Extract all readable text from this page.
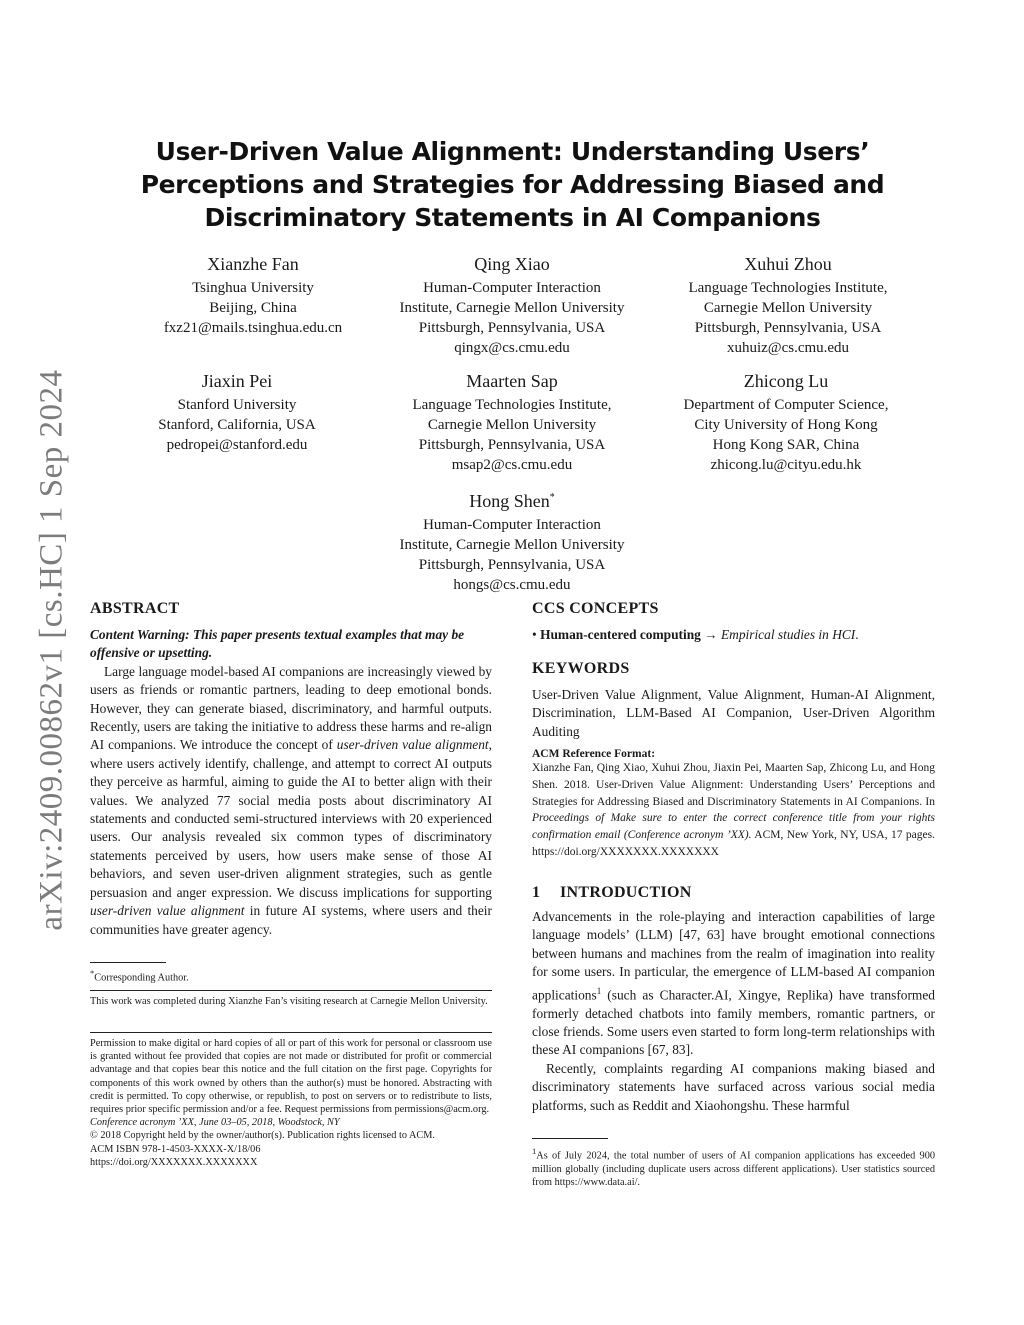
arXiv:2409.00862v1 [cs.HC] 1 Sep 2024
User-Driven Value Alignment: Understanding Users’ Perceptions and Strategies for Addressing Biased and Discriminatory Statements in AI Companions
Xianzhe Fan
Tsinghua University
Beijing, China
fxz21@mails.tsinghua.edu.cn
Qing Xiao
Human-Computer Interaction
Institute, Carnegie Mellon University
Pittsburgh, Pennsylvania, USA
qingx@cs.cmu.edu
Xuhui Zhou
Language Technologies Institute,
Carnegie Mellon University
Pittsburgh, Pennsylvania, USA
xuhuiz@cs.cmu.edu
Jiaxin Pei
Stanford University
Stanford, California, USA
pedropei@stanford.edu
Maarten Sap
Language Technologies Institute,
Carnegie Mellon University
Pittsburgh, Pennsylvania, USA
msap2@cs.cmu.edu
Zhicong Lu
Department of Computer Science,
City University of Hong Kong
Hong Kong SAR, China
zhicong.lu@cityu.edu.hk
Hong Shen*
Human-Computer Interaction
Institute, Carnegie Mellon University
Pittsburgh, Pennsylvania, USA
hongs@cs.cmu.edu
ABSTRACT
Content Warning: This paper presents textual examples that may be offensive or upsetting.

Large language model-based AI companions are increasingly viewed by users as friends or romantic partners, leading to deep emotional bonds. However, they can generate biased, discriminatory, and harmful outputs. Recently, users are taking the initiative to address these harms and re-align AI companions. We introduce the concept of user-driven value alignment, where users actively identify, challenge, and attempt to correct AI outputs they perceive as harmful, aiming to guide the AI to better align with their values. We analyzed 77 social media posts about discriminatory AI statements and conducted semi-structured interviews with 20 experienced users. Our analysis revealed six common types of discriminatory statements perceived by users, how users make sense of those AI behaviors, and seven user-driven alignment strategies, such as gentle persuasion and anger expression. We discuss implications for supporting user-driven value alignment in future AI systems, where users and their communities have greater agency.

*Corresponding Author.
This work was completed during Xianzhe Fan’s visiting research at Carnegie Mellon University.

Permission to make digital or hard copies of all or part of this work for personal or classroom use is granted without fee provided that copies are not made or distributed for profit or commercial advantage and that copies bear this notice and the full citation on the first page. Copyrights for components of this work owned by others than the author(s) must be honored. Abstracting with credit is permitted. To copy otherwise, or republish, to post on servers or to redistribute to lists, requires prior specific permission and/or a fee. Request permissions from permissions@acm.org.

Conference acronym ’XX, June 03–05, 2018, Woodstock, NY

© 2018 Copyright held by the owner/author(s). Publication rights licensed to ACM.

ACM ISBN 978-1-4503-XXXX-X/18/06

https://doi.org/XXXXXXX.XXXXXXX

CCS CONCEPTS
• Human-centered computing → Empirical studies in HCI.
KEYWORDS
User-Driven Value Alignment, Value Alignment, Human-AI Alignment, Discrimination, LLM-Based AI Companion, User-Driven Algorithm Auditing
ACM Reference Format:
Xianzhe Fan, Qing Xiao, Xuhui Zhou, Jiaxin Pei, Maarten Sap, Zhicong Lu, and Hong Shen. 2018. User-Driven Value Alignment: Understanding Users’ Perceptions and Strategies for Addressing Biased and Discriminatory Statements in AI Companions. In Proceedings of Make sure to enter the correct conference title from your rights confirmation email (Conference acronym ’XX). ACM, New York, NY, USA, 17 pages. https://doi.org/XXXXXXX.XXXXXXX
1 INTRODUCTION

Advancements in the role-playing and interaction capabilities of large language models’ (LLM) [47, 63] have brought emotional connections between humans and machines from the realm of imagination into reality for some users. In particular, the emergence of LLM-based AI companion applications$^1$ (such as Character.AI, Xingye, Replika) have transformed formerly detached chatbots into family members, romantic partners, or close friends. Some users even started to form long-term relationships with these AI companions [67, 83].

Recently, complaints regarding AI companions making biased and discriminatory statements have surfaced across various social media platforms, such as Reddit and Xiaohongshu. These harmful

$^1$As of July 2024, the total number of users of AI companion applications has exceeded 900 million globally (including duplicate users across different applications). User statistics sourced from https://www.data.ai/.
